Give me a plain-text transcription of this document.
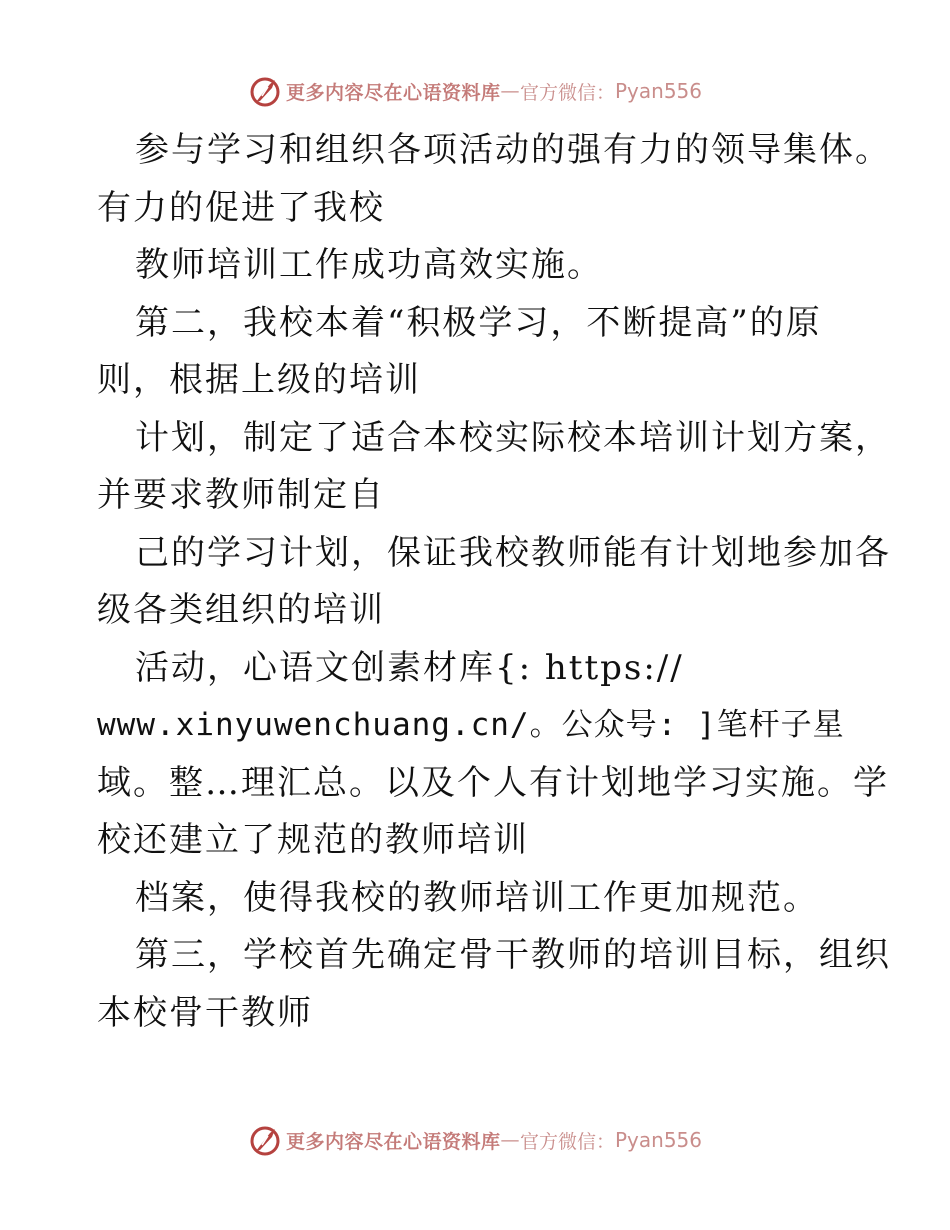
更多内容尽在心语资料库 — 官方微信： Pyan556
参与学习和组织各项活动的强有力的领导集体。
有力的促进了我校
教师培训工作成功高效实施。
第二，我校本着“积极学习，不断提高”的原
则，根据上级的培训
计划，制定了适合本校实际校本培训计划方案，
并要求教师制定自
己的学习计划，保证我校教师能有计划地参加各
级各类组织的培训
活动，心语文创素材库{: https://
www.xinyuwenchuang.cn/。公众号: ]笔杆子星
域。整…理汇总。以及个人有计划地学习实施。学
校还建立了规范的教师培训
档案，使得我校的教师培训工作更加规范。
第三，学校首先确定骨干教师的培训目标，组织
本校骨干教师
更多内容尽在心语资料库 — 官方微信： Pyan556
